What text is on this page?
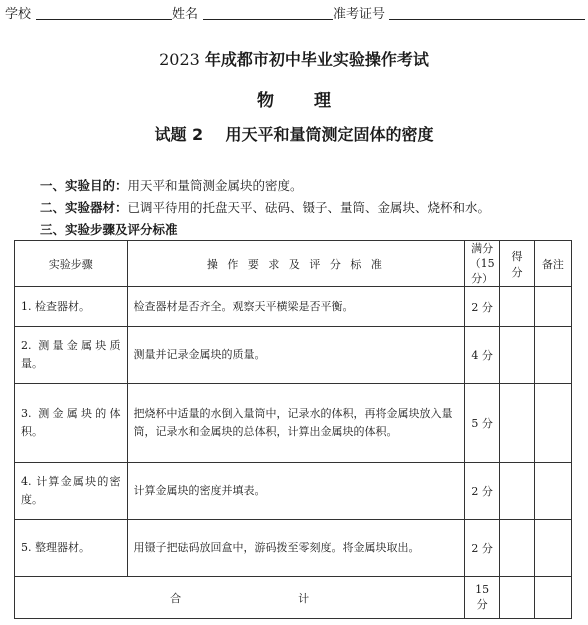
学校	姓名	准考证号
2023 年成都市初中毕业实验操作考试
物理
试题 2 用天平和量筒测定固体的密度
一、实验目的：用天平和量筒测金属块的密度。
二、实验器材：已调平待用的托盘天平、砝码、镊子、量筒、金属块、烧杯和水。
三、实验步骤及评分标准
实验步骤	操 作 要 求 及 评 分 标 准	满分（15 分）	得分	备注
1. 检查器材。	检查器材是否齐全。观察天平横梁是否平衡。	2 分		
2. 测量金属块质量。	测量并记录金属块的质量。	4 分		
3. 测金属块的体积。	把烧杯中适量的水倒入量筒中，记录水的体积，再将金属块放入量筒，记录水和金属块的总体积，计算出金属块的体积。	5 分		
4. 计算金属块的密度。	计算金属块的密度并填表。	2 分		
5. 整理器材。	用镊子把砝码放回盒中，游码拨至零刻度。将金属块取出。	2 分		
合 计		15 分		
